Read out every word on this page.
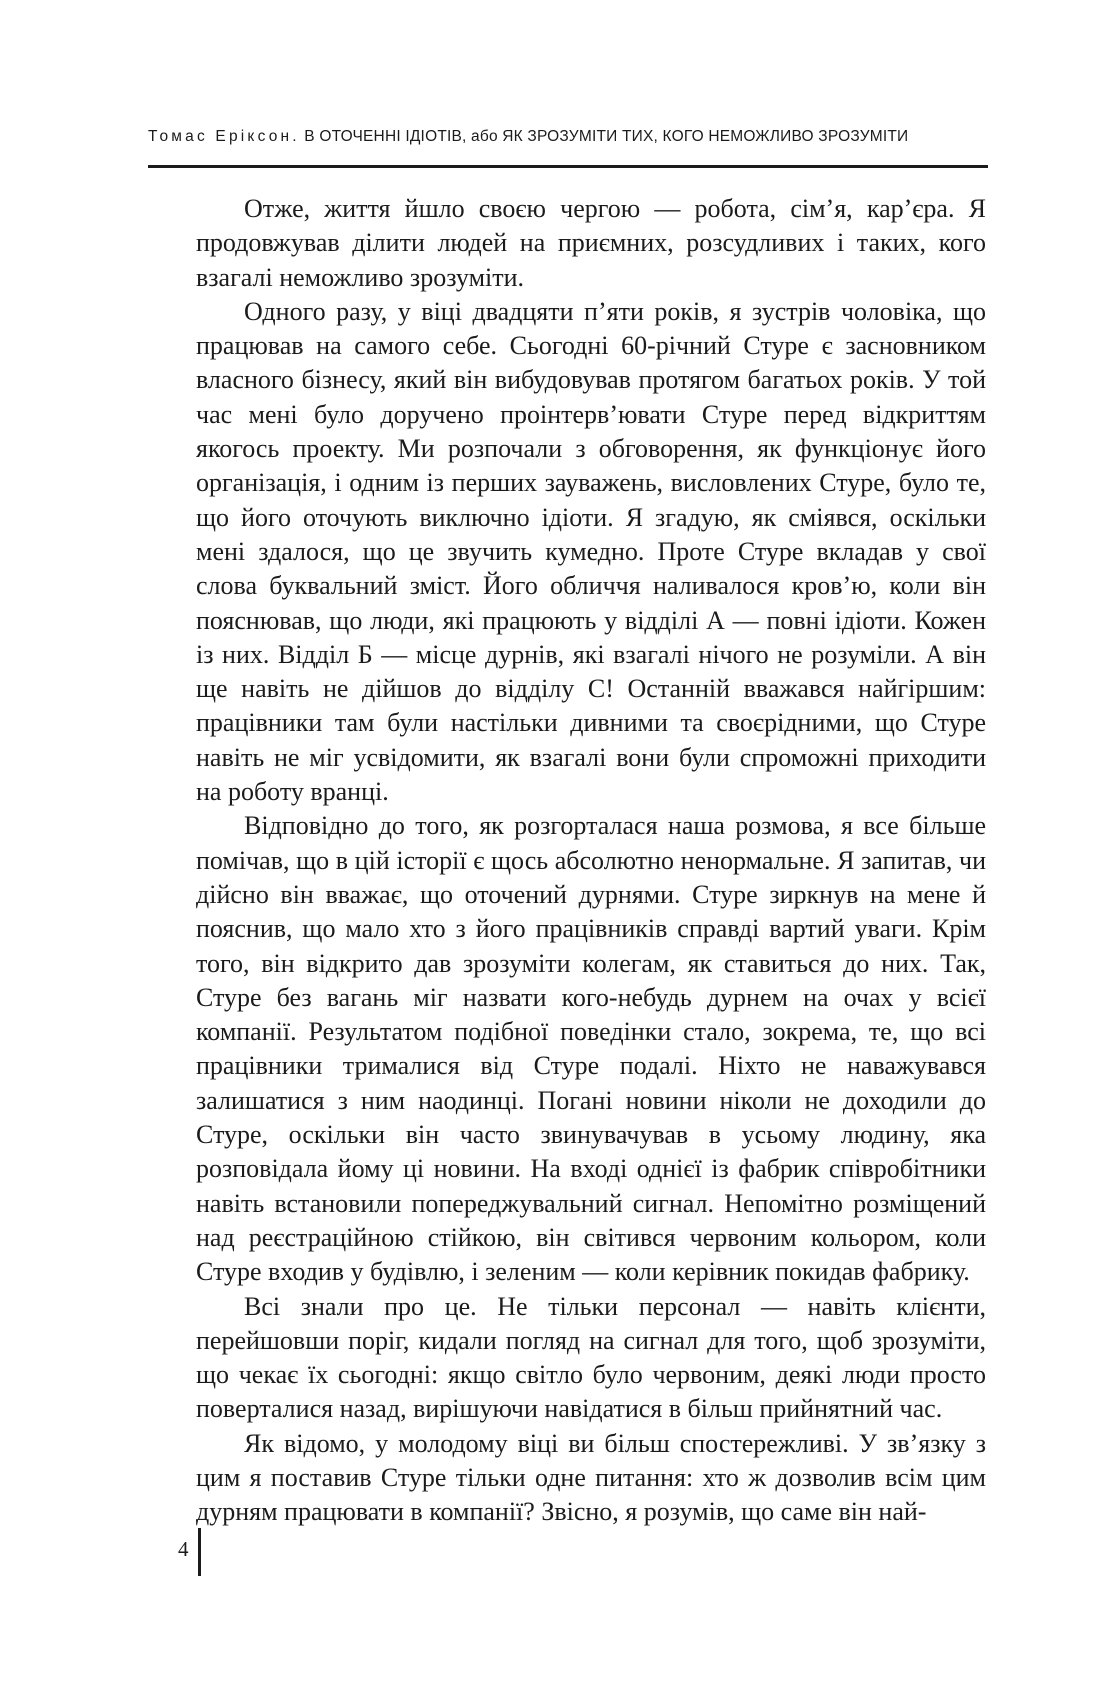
Томас Еріксон. В ОТОЧЕННІ ІДІОТІВ, або ЯК ЗРОЗУМІТИ ТИХ, КОГО НЕМОЖЛИВО ЗРОЗУМІТИ

Отже, життя йшло своєю чергою — робота, сім’я, кар’єра. Я продовжував ділити людей на приємних, розсудливих і таких, кого взагалі неможливо зрозуміти.

Одного разу, у віці двадцяти п’яти років, я зустрів чоловіка, що працював на самого себе. Сьогодні 60-річний Стуре є засновником власного бізнесу, який він вибудовував протягом багатьох років. У той час мені було доручено проінтерв’ювати Стуре перед відкриттям якогось проекту. Ми розпочали з обговорення, як функціонує його організація, і одним із перших зауважень, висловлених Стуре, було те, що його оточують виключно ідіоти. Я згадую, як сміявся, оскільки мені здалося, що це звучить кумедно. Проте Стуре вкладав у свої слова буквальний зміст. Його обличчя наливалося кров’ю, коли він пояснював, що люди, які працюють у відділі А — повні ідіоти. Кожен із них. Відділ Б — місце дурнів, які взагалі нічого не розуміли. А він ще навіть не дійшов до відділу С! Останній вважався найгіршим: працівники там були настільки дивними та своєрідними, що Стуре навіть не міг усвідомити, як взагалі вони були спроможні приходити на роботу вранці.

Відповідно до того, як розгорталася наша розмова, я все більше помічав, що в цій історії є щось абсолютно ненормальне. Я запитав, чи дійсно він вважає, що оточений дурнями. Стуре зиркнув на мене й пояснив, що мало хто з його працівників справді вартий уваги. Крім того, він відкрито дав зрозуміти колегам, як ставиться до них. Так, Стуре без вагань міг назвати кого-небудь дурнем на очах у всієї компанії. Результатом подібної поведінки стало, зокрема, те, що всі працівники трималися від Стуре подалі. Ніхто не наважувався залишатися з ним наодинці. Погані новини ніколи не доходили до Стуре, оскільки він часто звинувачував в усьому людину, яка розповідала йому ці новини. На вході однієї із фабрик співробітники навіть встановили попереджувальний сигнал. Непомітно розміщений над реєстраційною стійкою, він світився червоним кольором, коли Стуре входив у будівлю, і зеленим — коли керівник покидав фабрику.

Всі знали про це. Не тільки персонал — навіть клієнти, перейшовши поріг, кидали погляд на сигнал для того, щоб зрозуміти, що чекає їх сьогодні: якщо світло було червоним, деякі люди просто поверталися назад, вирішуючи навідатися в більш прийнятний час.

Як відомо, у молодому віці ви більш спостережливі. У зв’язку з цим я поставив Стуре тільки одне питання: хто ж дозволив всім цим дурням працювати в компанії? Звісно, я розумів, що саме він най-

4
